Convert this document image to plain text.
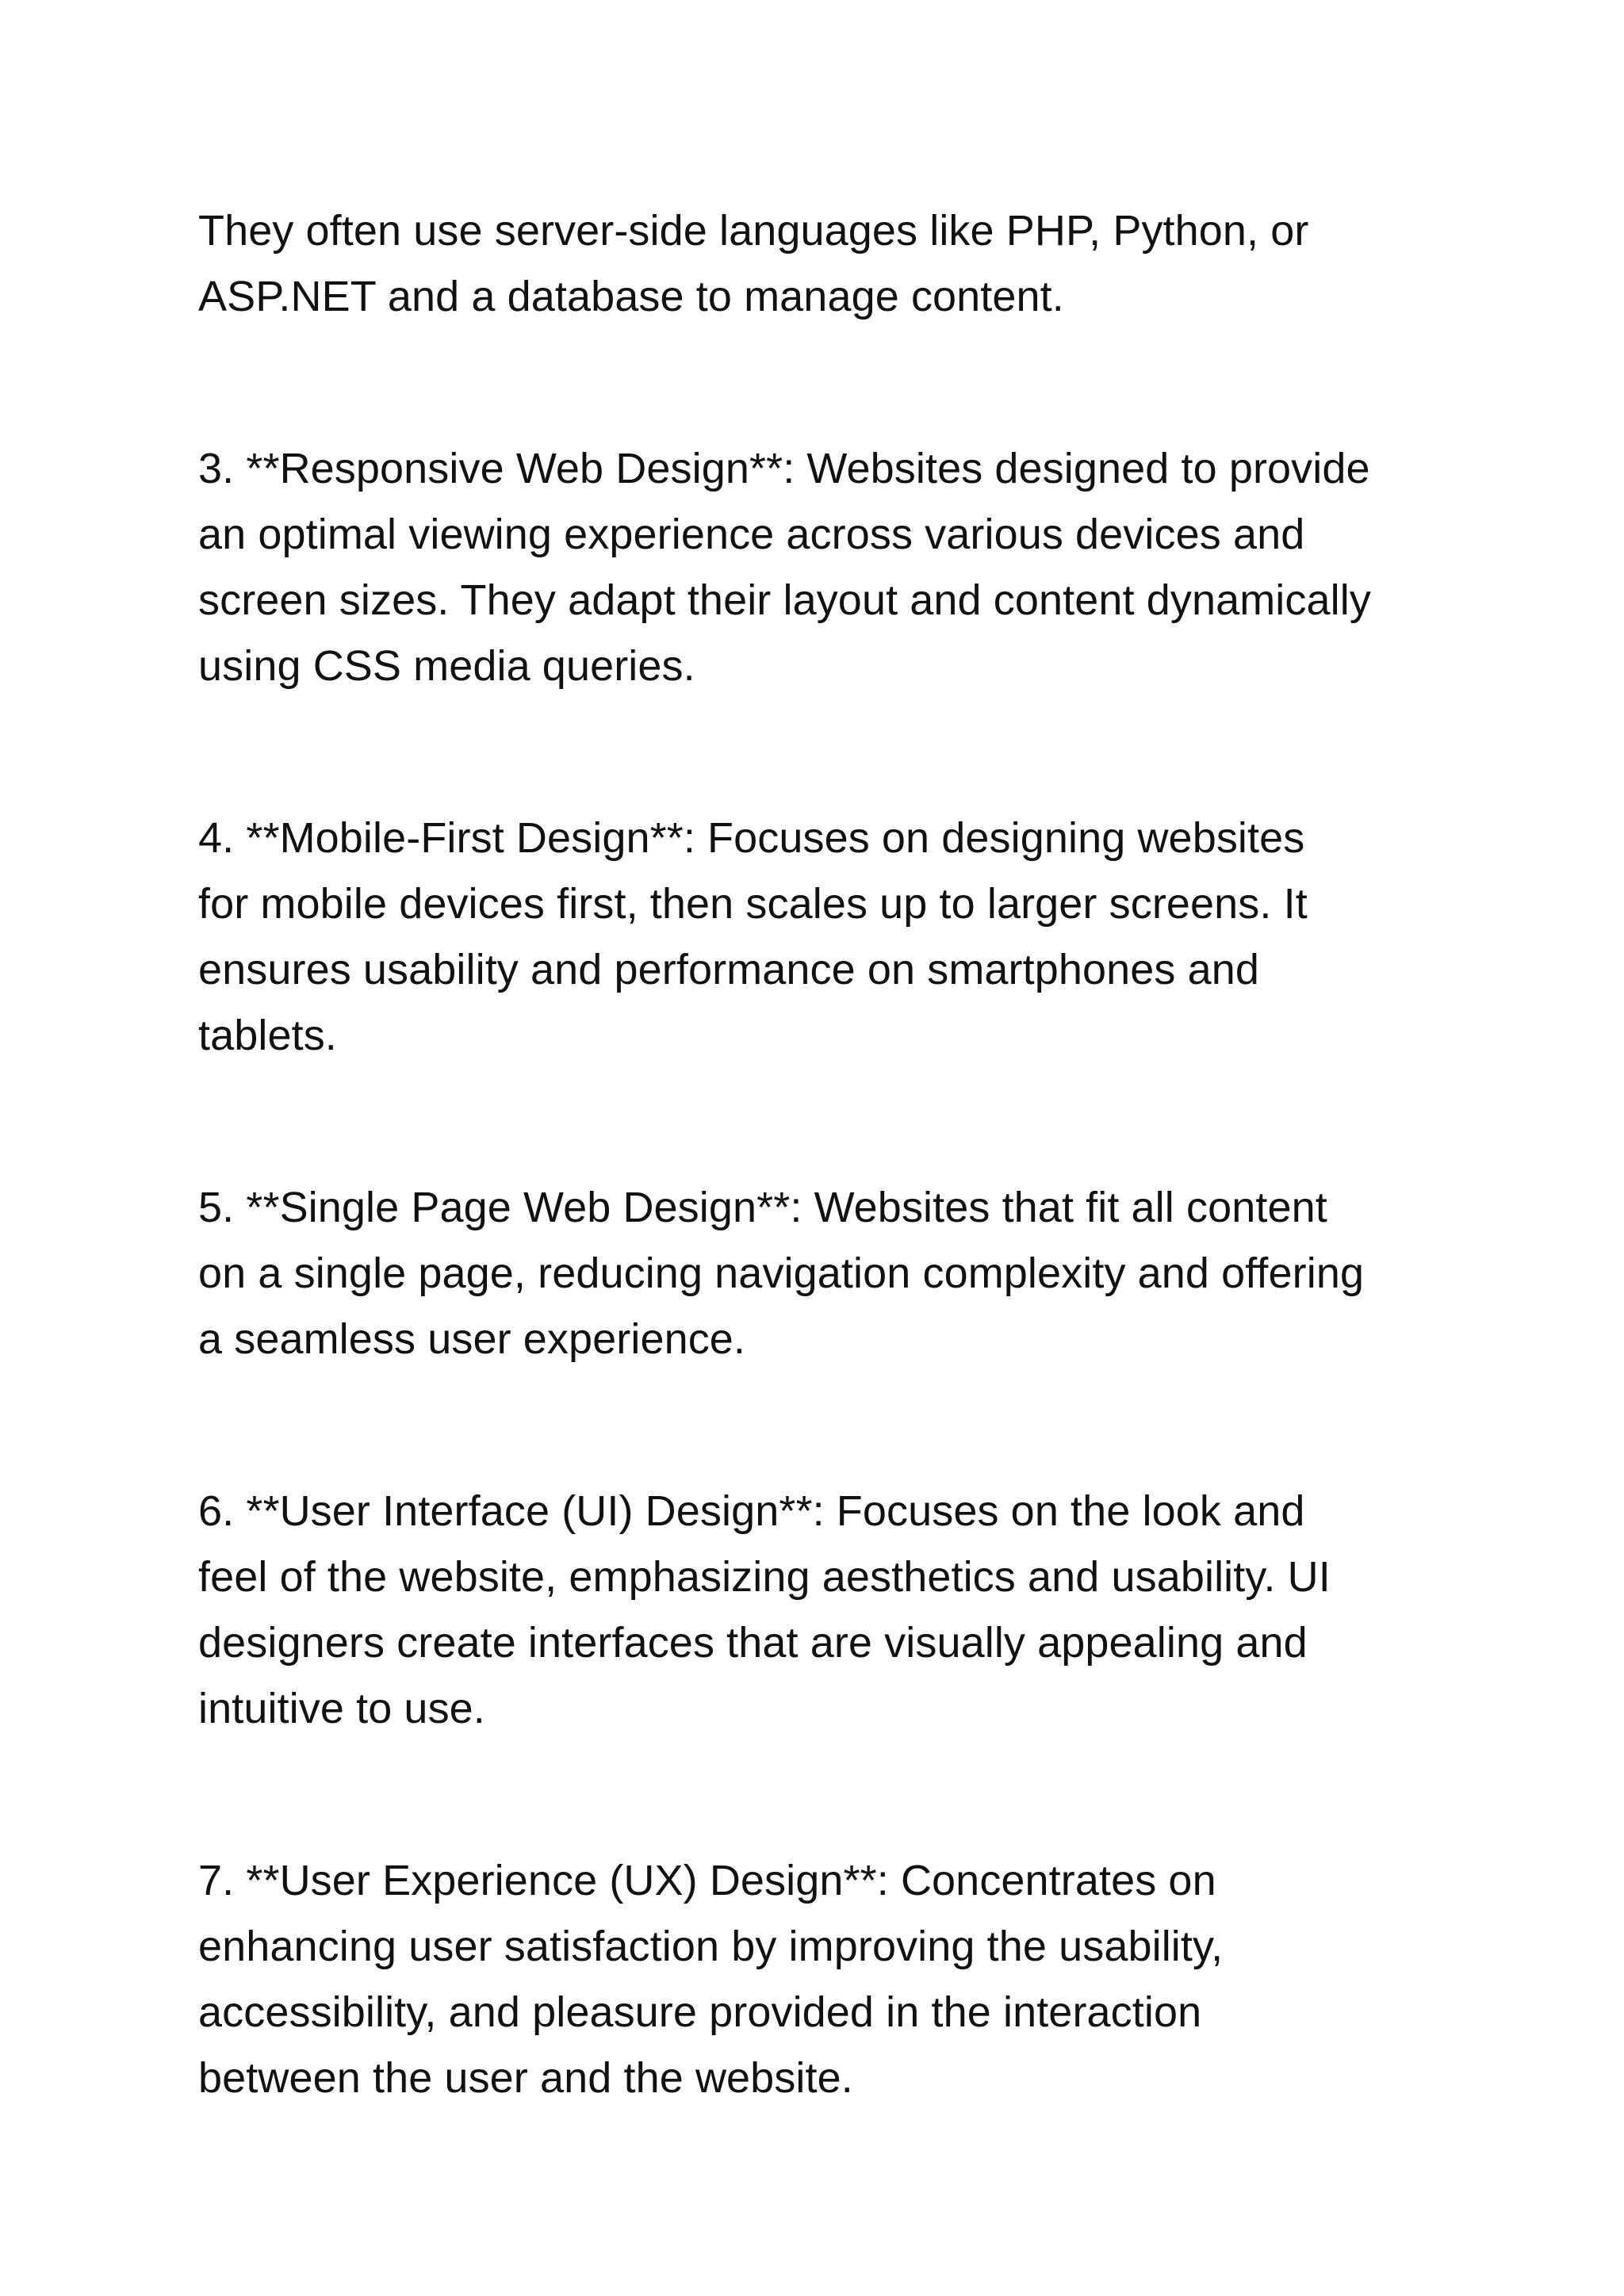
They often use server-side languages like PHP, Python, or
ASP.NET and a database to manage content.

3. **Responsive Web Design**: Websites designed to provide
an optimal viewing experience across various devices and
screen sizes. They adapt their layout and content dynamically
using CSS media queries.

4. **Mobile-First Design**: Focuses on designing websites
for mobile devices first, then scales up to larger screens. It
ensures usability and performance on smartphones and
tablets.

5. **Single Page Web Design**: Websites that fit all content
on a single page, reducing navigation complexity and offering
a seamless user experience.

6. **User Interface (UI) Design**: Focuses on the look and
feel of the website, emphasizing aesthetics and usability. UI
designers create interfaces that are visually appealing and
intuitive to use.

7. **User Experience (UX) Design**: Concentrates on
enhancing user satisfaction by improving the usability,
accessibility, and pleasure provided in the interaction
between the user and the website.
